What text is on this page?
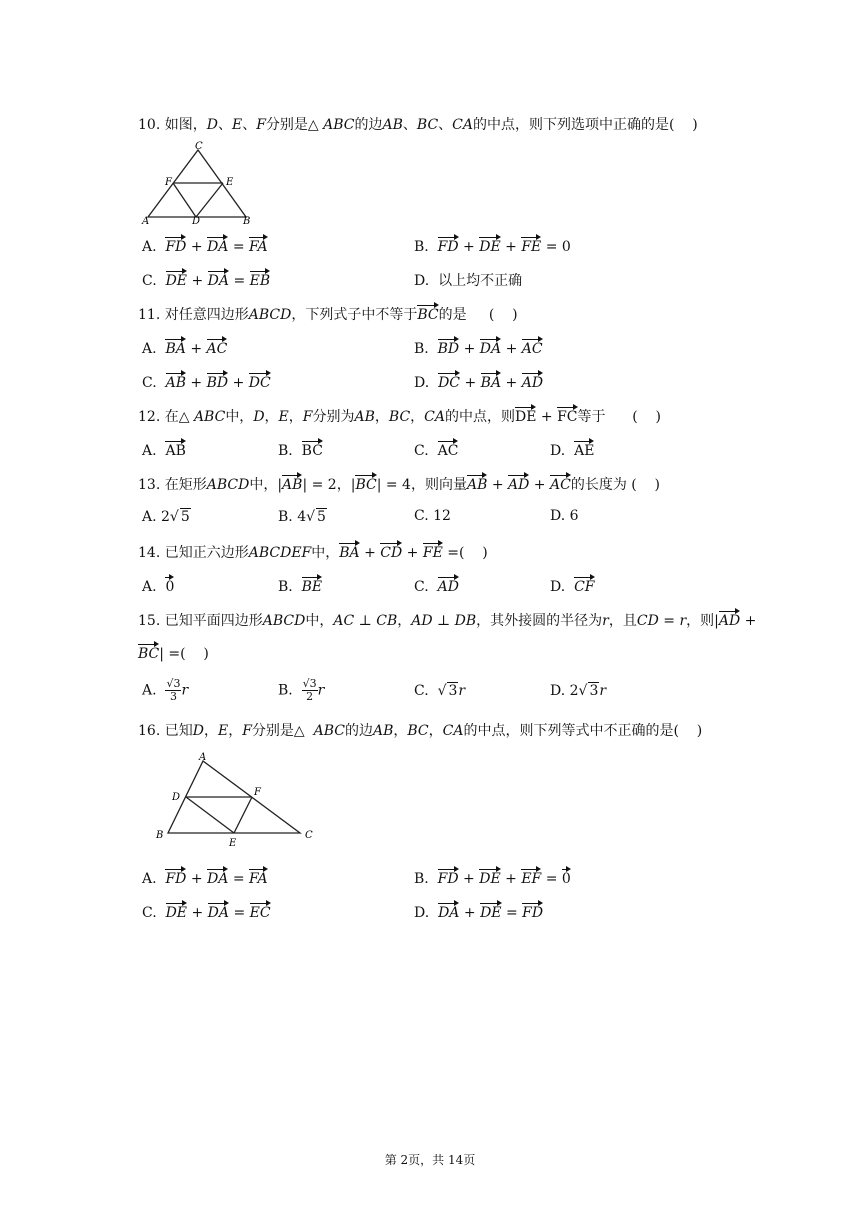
10. 如图，D、E、F分别是△ ABC的边AB、BC、CA的中点，则下列选项中正确的是(    )
C
F	E
A	D	B
A.  FD + DA = FA	B.  FD + DE + FE = 0
C.  DE + DA = EB	D.  以上均不正确
11. 对任意四边形ABCD，下列式子中不等于BC的是     (    )
A.  BA + AC	B.  BD + DA + AC
C.  AB + BD + DC	D.  DC + BA + AD
12. 在△ ABC中，D，E，F分别为AB，BC，CA的中点，则DE + FC等于      (    )
A.  AB	B.  BC	C.  AC	D.  AE
13. 在矩形ABCD中，|AB| = 2，|BC| = 4，则向量AB + AD + AC的长度为 (    )
A. 2√ 5	B. 4√ 5	C. 12	D. 6
14. 已知正六边形ABCDEF中，BA + CD + FE =(    )
A.  0	B.  BE	C.  AD	D.  CF
15. 已知平面四边形ABCD中，AC ⊥ CB，AD ⊥ DB，其外接圆的半径为r，且CD = r，则|AD +
BC| =(    )
A. $\frac{√3}{3}$ r	B. $\frac{√3}{2}$ r	C.  √ 3r	D. 2√ 3r
16. 已知D，E，F分别是△  ABC的边AB，BC，CA的中点，则下列等式中不正确的是(    )
A
D	F
B
E
C
A.  FD + DA = FA	B.  FD + DE + EF = 0
C.  DE + DA = EC	D.  DA + DE = FD
第 2页，共 14页
